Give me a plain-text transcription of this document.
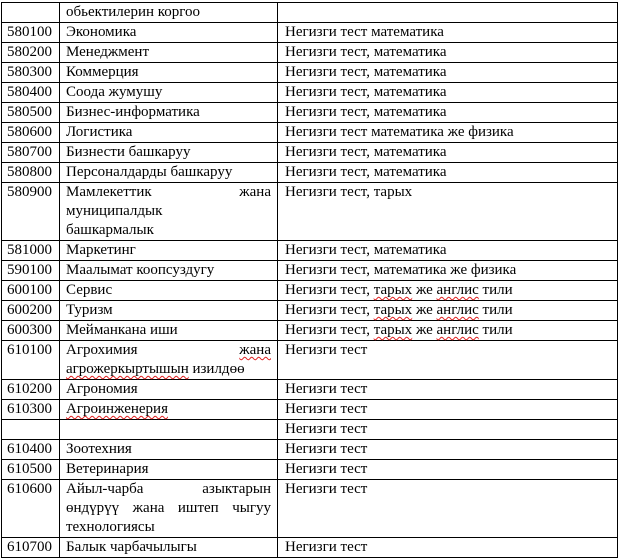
	обьектилерин коргоо	

580100	Экономика	Негизги тест математика
580200	Менеджмент	Негизги тест, математика
580300	Коммерция	Негизги тест, математика
580400	Соода жумушу	Негизги тест, математика
580500	Бизнес-информатика	Негизги тест, математика
580600	Логистика	Негизги тест математика же физика
580700	Бизнести башкаруу	Негизги тест, математика
580800	Персоналдарды башкаруу	Негизги тест, математика
580900	Мамлекеттик жана
муниципалдык
башкармалык	Негизги тест, тарых
581000	Маркетинг	Негизги тест, математика
590100	Маалымат коопсуздугу	Негизги тест, математика же физика
600100	Сервис	Негизги тест, тарых же англис тили
600200	Туризм	Негизги тест, тарых же англис тили
600300	Мейманкана иши	Негизги тест, тарых же англис тили
610100	Агрохимия жана
агрожеркыртышын изилдөө	Негизги тест
610200	Агрономия	Негизги тест
610300	Агроинженерия	Негизги тест
		Негизги тест
610400	Зоотехния	Негизги тест
610500	Ветеринария	Негизги тест
610600	Айыл-чарба азыктарын
өндүрүү жана иштеп чыгуу
технологиясы	Негизги тест
610700	Балык чарбачылыгы	Негизги тест
